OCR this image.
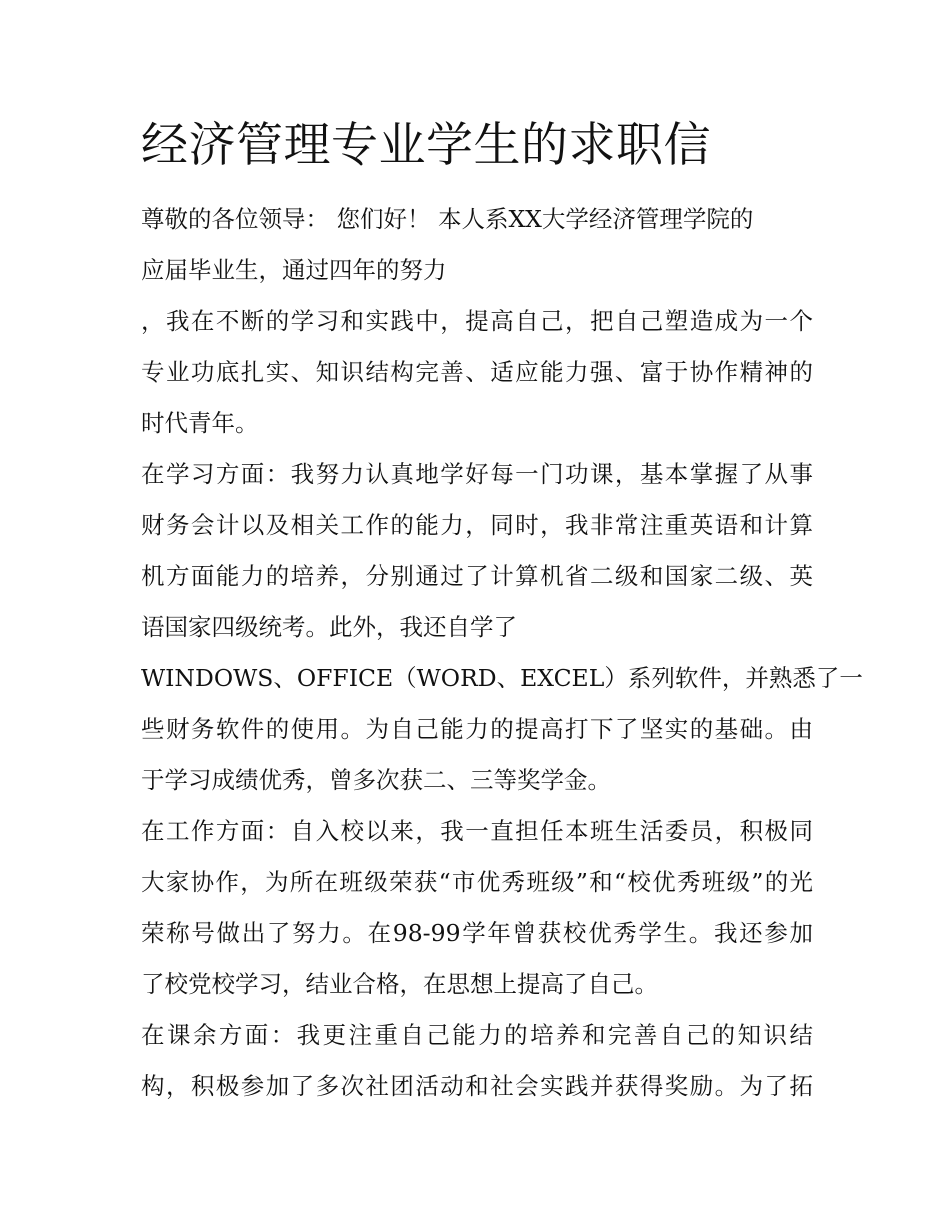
经济管理专业学生的求职信

尊敬的各位领导： 您们好！ 本人系XX大学经济管理学院的

应届毕业生，通过四年的努力

，我在不断的学习和实践中，提高自己，把自己塑造成为一个

专业功底扎实、知识结构完善、适应能力强、富于协作精神的

时代青年。

在学习方面：我努力认真地学好每一门功课，基本掌握了从事

财务会计以及相关工作的能力，同时，我非常注重英语和计算

机方面能力的培养，分别通过了计算机省二级和国家二级、英

语国家四级统考。此外，我还自学了

WINDOWS、OFFICE（WORD、EXCEL）系列软件，并熟悉了一

些财务软件的使用。为自己能力的提高打下了坚实的基础。由

于学习成绩优秀，曾多次获二、三等奖学金。

在工作方面：自入校以来，我一直担任本班生活委员，积极同

大家协作，为所在班级荣获“市优秀班级”和“校优秀班级”的光

荣称号做出了努力。在98-99学年曾获校优秀学生。我还参加

了校党校学习，结业合格，在思想上提高了自己。

在课余方面：我更注重自己能力的培养和完善自己的知识结

构，积极参加了多次社团活动和社会实践并获得奖励。为了拓
